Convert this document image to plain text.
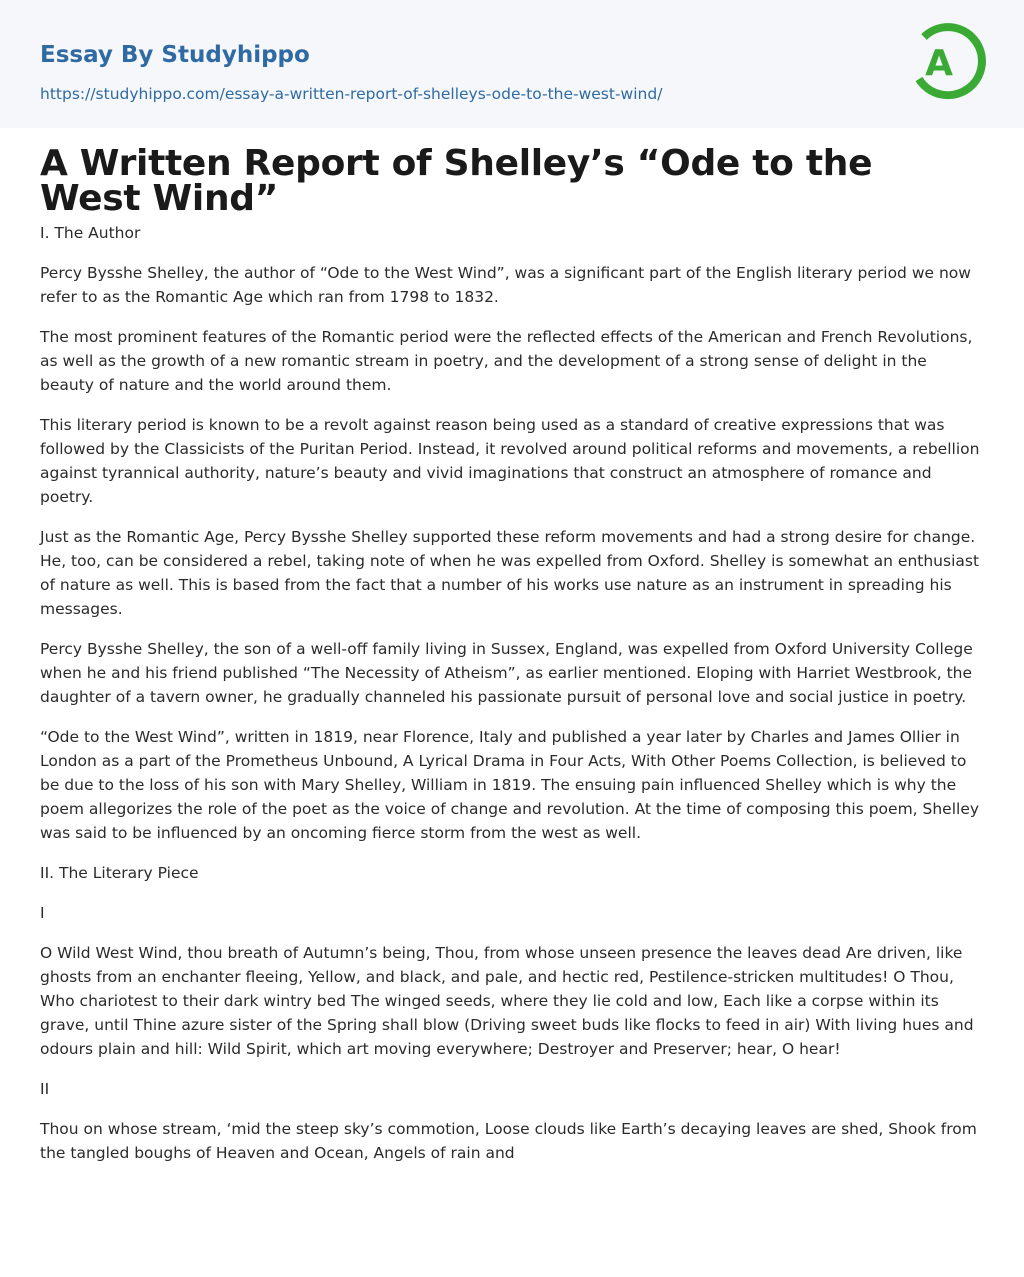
Essay By Studyhippo
https://studyhippo.com/essay-a-written-report-of-shelleys-ode-to-the-west-wind/
A
A Written Report of Shelley’s “Ode to the West Wind”

I. The Author

Percy Bysshe Shelley, the author of “Ode to the West Wind”, was a significant part of the English literary period we now refer to as the Romantic Age which ran from 1798 to 1832.

The most prominent features of the Romantic period were the reflected effects of the American and French Revolutions, as well as the growth of a new romantic stream in poetry, and the development of a strong sense of delight in the beauty of nature and the world around them.

This literary period is known to be a revolt against reason being used as a standard of creative expressions that was followed by the Classicists of the Puritan Period. Instead, it revolved around political reforms and movements, a rebellion against tyrannical authority, nature’s beauty and vivid imaginations that construct an atmosphere of romance and poetry.

Just as the Romantic Age, Percy Bysshe Shelley supported these reform movements and had a strong desire for change. He, too, can be considered a rebel, taking note of when he was expelled from Oxford. Shelley is somewhat an enthusiast of nature as well. This is based from the fact that a number of his works use nature as an instrument in spreading his messages.

Percy Bysshe Shelley, the son of a well-off family living in Sussex, England, was expelled from Oxford University College when he and his friend published “The Necessity of Atheism”, as earlier mentioned. Eloping with Harriet Westbrook, the daughter of a tavern owner, he gradually channeled his passionate pursuit of personal love and social justice in poetry.

“Ode to the West Wind”, written in 1819, near Florence, Italy and published a year later by Charles and James Ollier in London as a part of the Prometheus Unbound, A Lyrical Drama in Four Acts, With Other Poems Collection, is believed to be due to the loss of his son with Mary Shelley, William in 1819. The ensuing pain influenced Shelley which is why the poem allegorizes the role of the poet as the voice of change and revolution. At the time of composing this poem, Shelley was said to be influenced by an oncoming fierce storm from the west as well.

II. The Literary Piece

I

O Wild West Wind, thou breath of Autumn’s being, Thou, from whose unseen presence the leaves dead Are driven, like ghosts from an enchanter fleeing, Yellow, and black, and pale, and hectic red, Pestilence-stricken multitudes! O Thou, Who chariotest to their dark wintry bed The winged seeds, where they lie cold and low, Each like a corpse within its grave, until Thine azure sister of the Spring shall blow (Driving sweet buds like flocks to feed in air) With living hues and odours plain and hill: Wild Spirit, which art moving everywhere; Destroyer and Preserver; hear, O hear!

II

Thou on whose stream, ‘mid the steep sky’s commotion, Loose clouds like Earth’s decaying leaves are shed, Shook from the tangled boughs of Heaven and Ocean, Angels of rain and
